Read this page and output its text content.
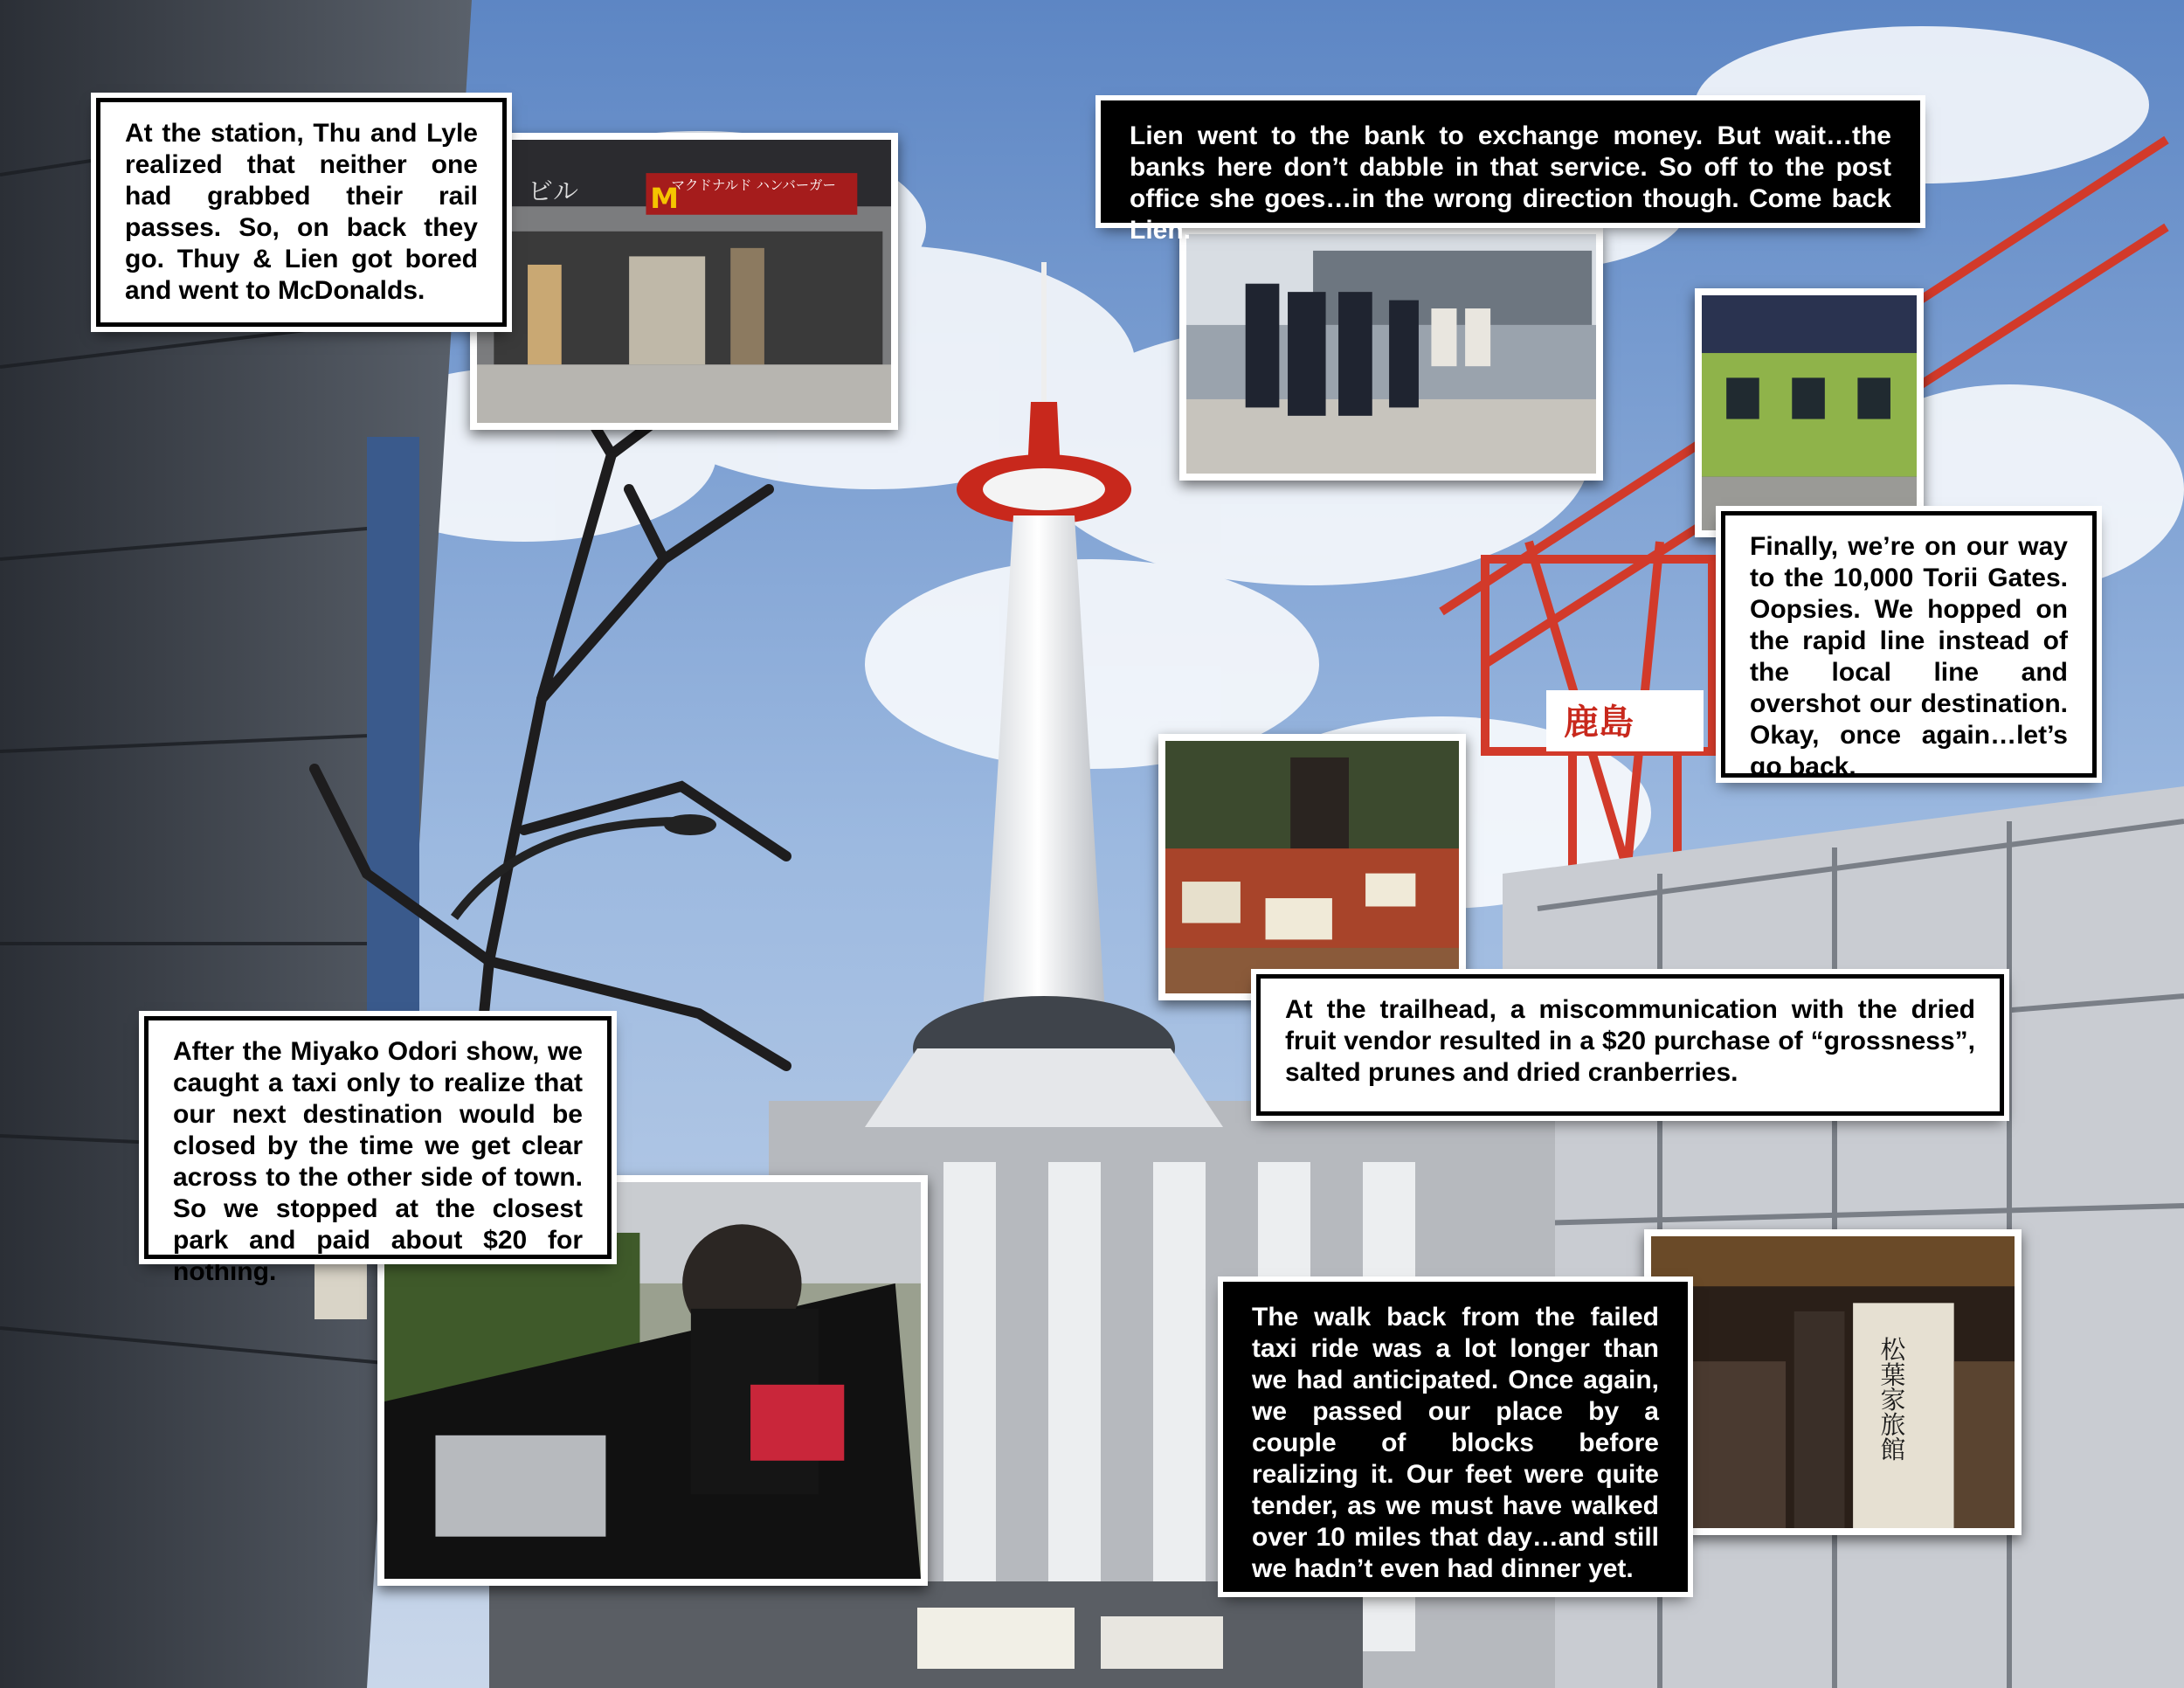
鹿島
マクドナルド ハンバーガー
M
ビル
松葉家旅館
At the station, Thu and Lyle realized that neither one had grabbed their rail passes. So, on back they go. Thuy & Lien got bored and went to McDonalds.
Lien went to the bank to exchange money. But wait…the banks here don’t dabble in that service. So off to the post office she goes…in the wrong direction though. Come back Lien.
Finally, we’re on our way to the 10,000 Torii Gates. Oopsies. We hopped on the rapid line instead of the local line and overshot our destination. Okay, once again…let’s go back.
At the trailhead, a miscommunication with the dried fruit vendor resulted in a $20 purchase of “grossness”, salted prunes and dried cranberries.
After the Miyako Odori show, we caught a taxi only to realize that our next destination would be closed by the time we get clear across to the other side of town. So we stopped at the closest park and paid about $20 for nothing.
The walk back from the failed taxi ride was a lot longer than we had anticipated. Once again, we passed our place by a couple of blocks before realizing it. Our feet were quite tender, as we must have walked over 10 miles that day…and still we hadn’t even had dinner yet.
